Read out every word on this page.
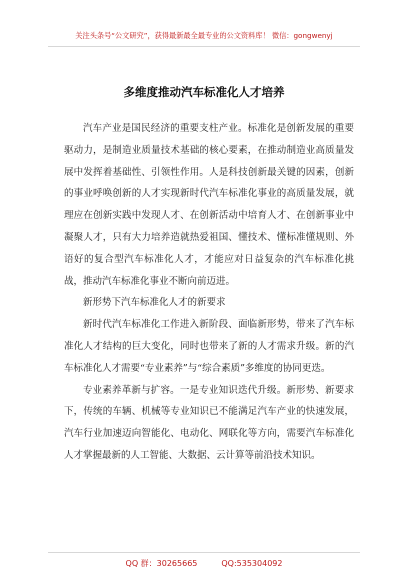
关注头条号“公文研究”，获得最新最全最专业的公文资料库！ 微信：gongwenyj
多维度推动汽车标准化人才培养

汽车产业是国民经济的重要支柱产业。标准化是创新发展的重要驱动力，是制造业质量技术基础的核心要素，在推动制造业高质量发展中发挥着基础性、引领性作用。人是科技创新最关键的因素，创新的事业呼唤创新的人才实现新时代汽车标准化事业的高质量发展，就理应在创新实践中发现人才、在创新活动中培育人才、在创新事业中凝聚人才，只有大力培养造就热爱祖国、懂技术、懂标准懂规则、外语好的复合型汽车标准化人才，才能应对日益复杂的汽车标准化挑战，推动汽车标准化事业不断向前迈进。

新形势下汽车标准化人才的新要求

新时代汽车标准化工作进入新阶段、面临新形势，带来了汽车标准化人才结构的巨大变化，同时也带来了新的人才需求升级。新的汽车标准化人才需要“专业素养”与“综合素质”多维度的协同更迭。

专业素养革新与扩容。一是专业知识迭代升级。新形势、新要求下，传统的车辆、机械等专业知识已不能满足汽车产业的快速发展，汽车行业加速迈向智能化、电动化、网联化等方向，需要汽车标准化人才掌握最新的人工智能、大数据、云计算等前沿技术知识。

QQ 群：30265665	QQ:535304092
